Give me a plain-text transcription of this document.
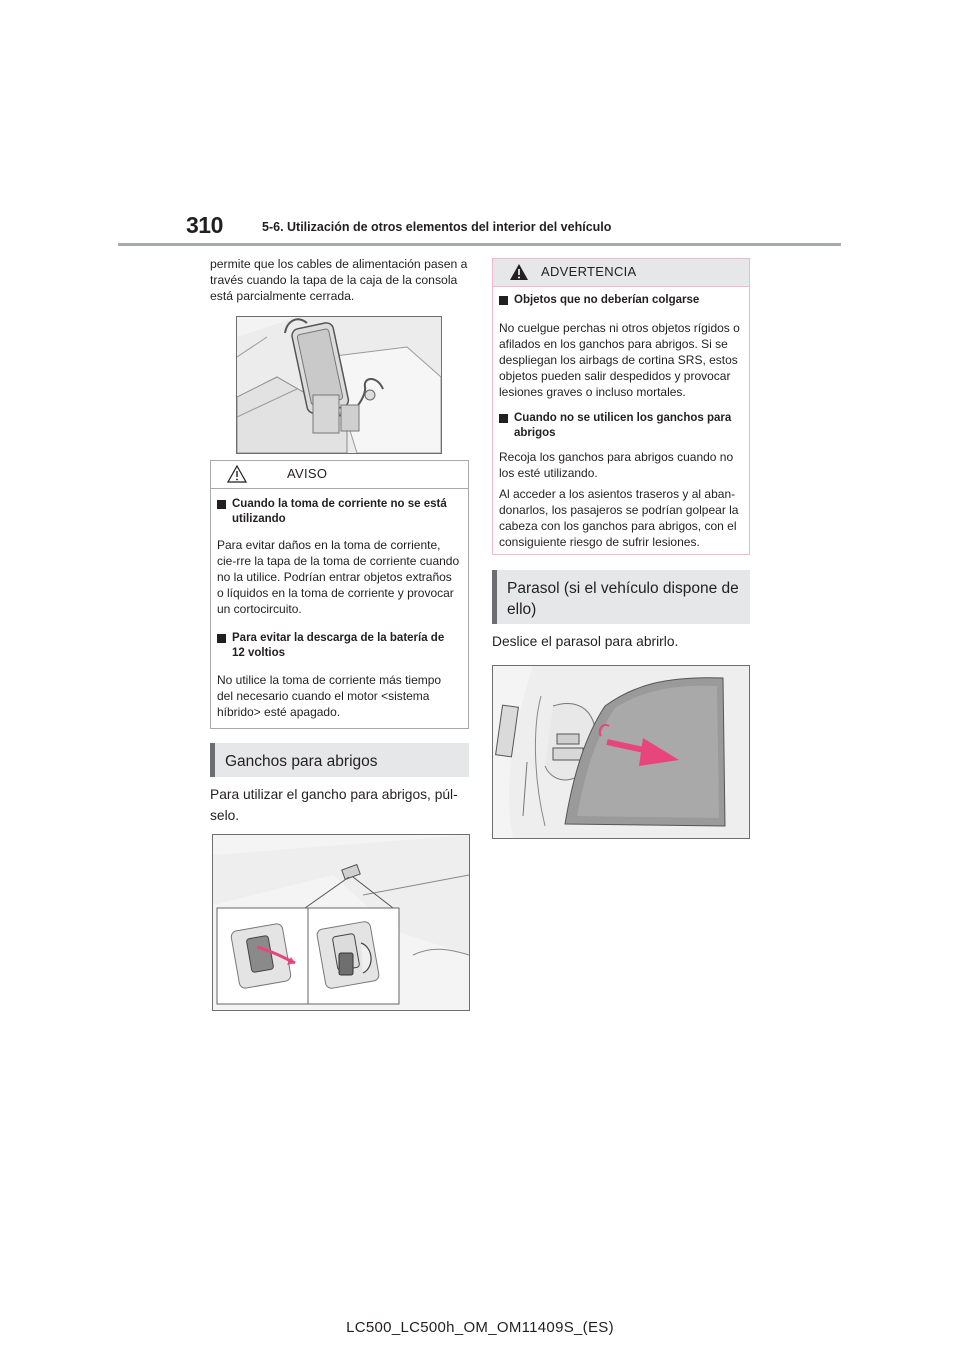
310	5-6. Utilización de otros elementos del interior del vehículo
permite que los cables de alimentación pasen a través cuando la tapa de la caja de la consola está parcialmente cerrada.
AVISO
Cuando la toma de corriente no se está utilizando
Para evitar daños en la toma de corriente, cie-rre la tapa de la toma de corriente cuando no la utilice. Podrían entrar objetos extraños o líquidos en la toma de corriente y provocar un cortocircuito.
Para evitar la descarga de la batería de 12 voltios
No utilice la toma de corriente más tiempo del necesario cuando el motor <sistema híbrido> esté apagado.
Ganchos para abrigos
Para utilizar el gancho para abrigos, púl-selo.
ADVERTENCIA
Objetos que no deberían colgarse
No cuelgue perchas ni otros objetos rígidos o afilados en los ganchos para abrigos. Si se despliegan los airbags de cortina SRS, estos objetos pueden salir despedidos y provocar lesiones graves o incluso mortales.
Cuando no se utilicen los ganchos para abrigos
Recoja los ganchos para abrigos cuando no los esté utilizando.
Al acceder a los asientos traseros y al aban-donarlos, los pasajeros se podrían golpear la cabeza con los ganchos para abrigos, con el consiguiente riesgo de sufrir lesiones.
Parasol (si el vehículo dispone de ello)
Deslice el parasol para abrirlo.
LC500_LC500h_OM_OM11409S_(ES)
